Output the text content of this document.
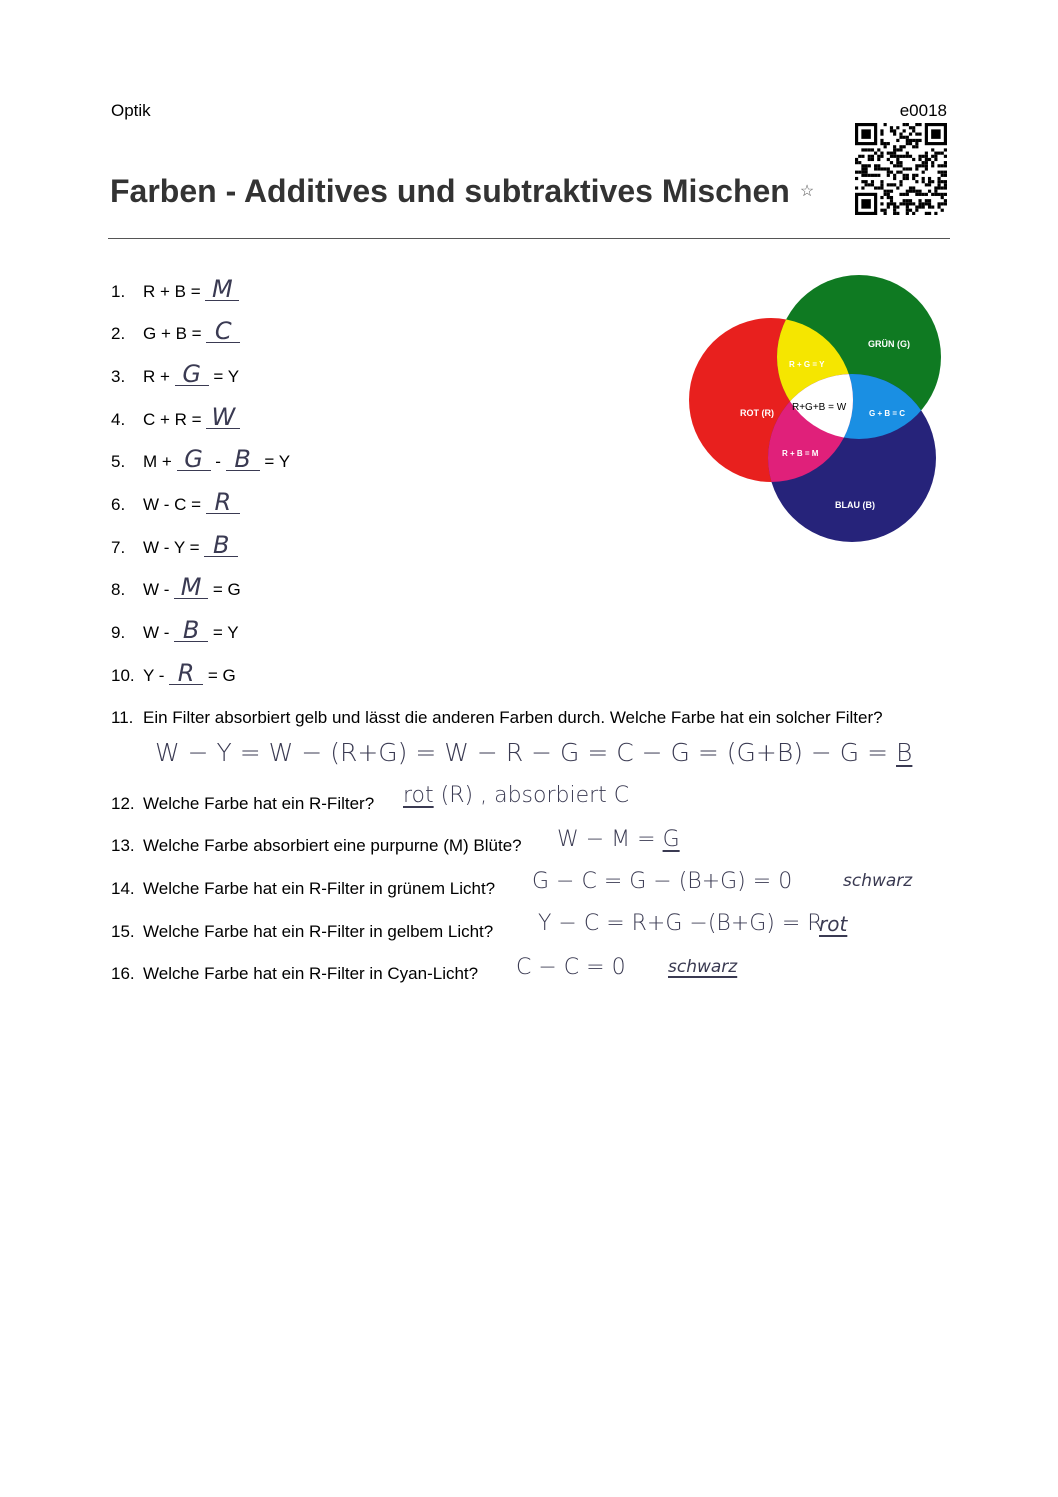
Optik	e0018
Farben - Additives und subtraktives Mischen ☆
1. R + B = M
2. G + B = C
3. R + G = Y
4. C + R = W
5. M + G - B = Y
6. W - C = R
7. W - Y = B
8. W - M = G
9. W - B = Y
10. Y - R = G
11. Ein Filter absorbiert gelb und lässt die anderen Farben durch. Welche Farbe hat ein solcher Filter?
W − Y = W − (R+G) = W − R − G = C − G = (G+B) − G = B
12. Welche Farbe hat ein R-Filter? rot (R) , absorbiert C
13. Welche Farbe absorbiert eine purpurne (M) Blüte? W − M = G
14. Welche Farbe hat ein R-Filter in grünem Licht? G − C = G − (B+G) = 0	schwarz
15. Welche Farbe hat ein R-Filter in gelbem Licht? Y − C = R+G −(B+G) = R
rot
16. Welche Farbe hat ein R-Filter in Cyan-Licht? C − C = 0 schwarz
ROT (R)
GRÜN (G)
BLAU (B)
R + G = Y
G + B = C
R + B = M
R+G+B = W
